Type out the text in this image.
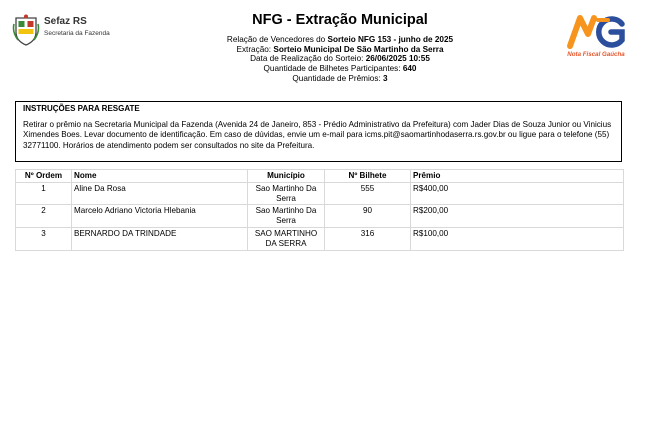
Sefaz RS
Secretaria da Fazenda
NFG - Extração Municipal
Nota Fiscal Gaúcha
Relação de Vencedores do Sorteio NFG 153 - junho de 2025
Extração: Sorteio Municipal De São Martinho da Serra
Data de Realização do Sorteio: 26/06/2025 10:55
Quantidade de Bilhetes Participantes: 640
Quantidade de Prêmios: 3
INSTRUÇÕES PARA RESGATE
Retirar o prêmio na Secretaria Municipal da Fazenda (Avenida 24 de Janeiro, 853 - Prédio Administrativo da Prefeitura) com Jader Dias de Souza Junior ou Vinicius Ximendes Boes. Levar documento de identificação. Em caso de dúvidas, envie um e-mail para icms.pit@saomartinhodaserra.rs.gov.br ou ligue para o telefone (55) 32771100. Horários de atendimento podem ser consultados no site da Prefeitura.
Nº Ordem	Nome	Município	Nº Bilhete	Prêmio
1	Aline Da Rosa	Sao Martinho Da Serra	555	R$400,00
2	Marcelo Adriano Victoria Hlebania	Sao Martinho Da Serra	90	R$200,00
3	BERNARDO DA TRINDADE	SAO MARTINHO DA SERRA	316	R$100,00
